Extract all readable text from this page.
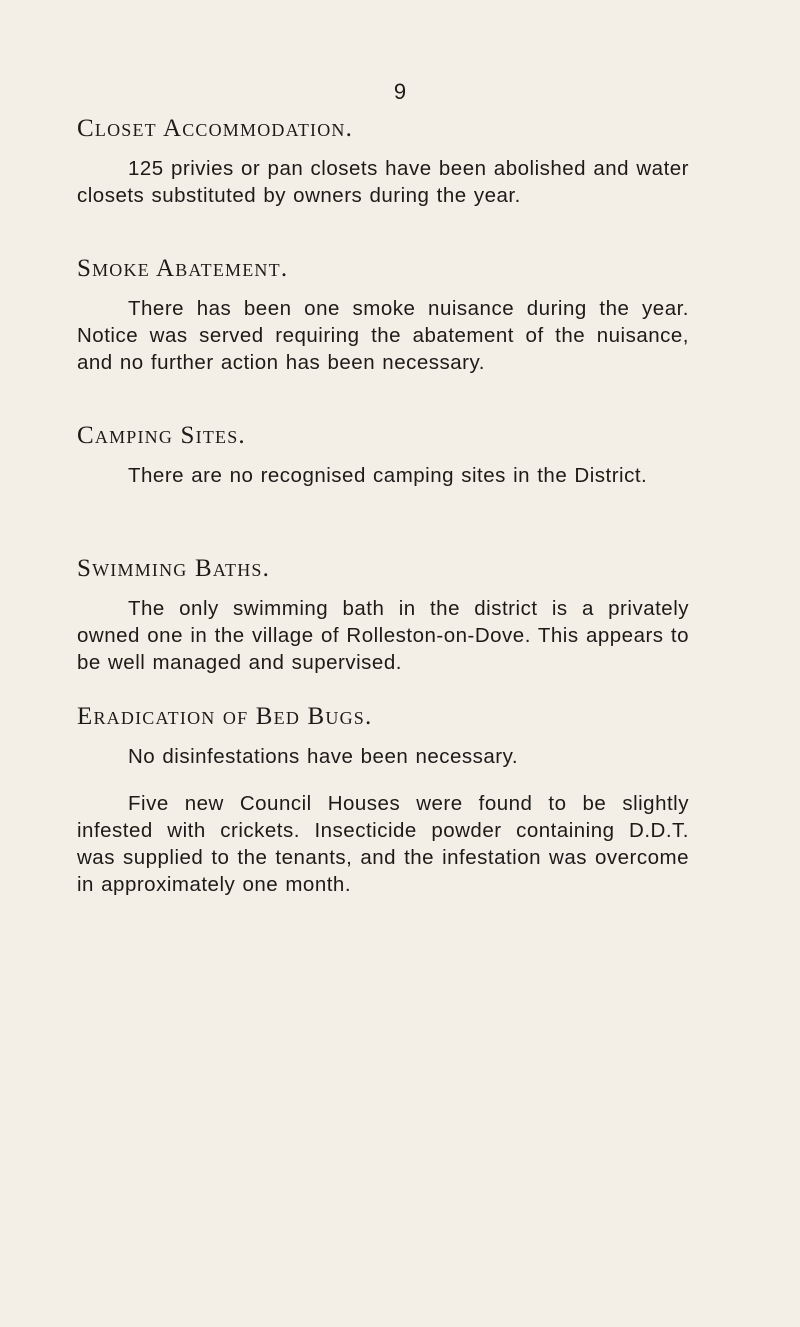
9
Closet Accommodation.

125 privies or pan closets have been abolished and water closets substituted by owners during the year.

Smoke Abatement.

There has been one smoke nuisance during the year. Notice was served requiring the abatement of the nuisance, and no further action has been necessary.

Camping Sites.

There are no recognised camping sites in the District.

Swimming Baths.

The only swimming bath in the district is a privately owned one in the village of Rolleston-on-Dove. This appears to be well managed and supervised.

Eradication of Bed Bugs.

No disinfestations have been necessary.

Five new Council Houses were found to be slightly infested with crickets. Insecticide powder containing D.D.T. was supplied to the tenants, and the infestation was overcome in approximately one month.
